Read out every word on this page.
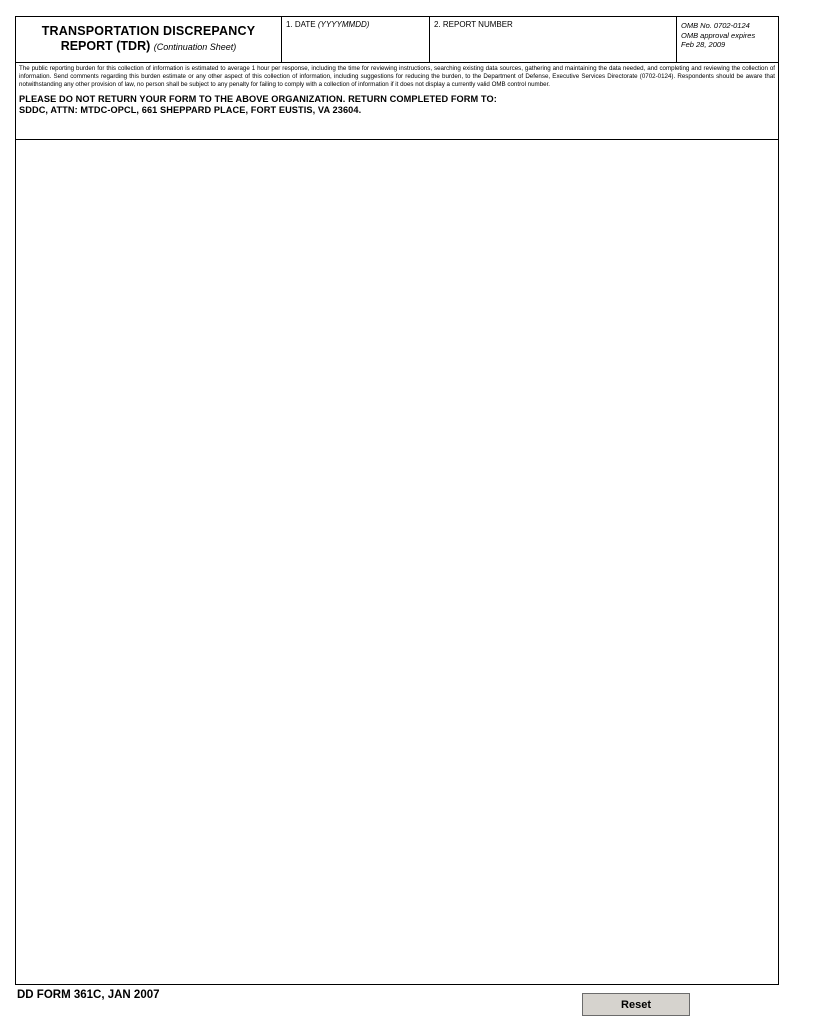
TRANSPORTATION DISCREPANCY
REPORT (TDR) (Continuation Sheet)
1. DATE (YYYYMMDD)	2. REPORT NUMBER	OMB No. 0702-0124
OMB approval expires
Feb 28, 2009
The public reporting burden for this collection of information is estimated to average 1 hour per response, including the time for reviewing instructions, searching existing data sources, gathering and maintaining the data needed, and completing and reviewing the collection of information. Send comments regarding this burden estimate or any other aspect of this collection of information, including suggestions for reducing the burden, to the Department of Defense, Executive Services Directorate (0702-0124). Respondents should be aware that notwithstanding any other provision of law, no person shall be subject to any penalty for failing to comply with a collection of information if it does not display a currently valid OMB control number.
PLEASE DO NOT RETURN YOUR FORM TO THE ABOVE ORGANIZATION. RETURN COMPLETED FORM TO:
SDDC, ATTN: MTDC-OPCL, 661 SHEPPARD PLACE, FORT EUSTIS, VA 23604.
DD FORM 361C, JAN 2007
Reset
